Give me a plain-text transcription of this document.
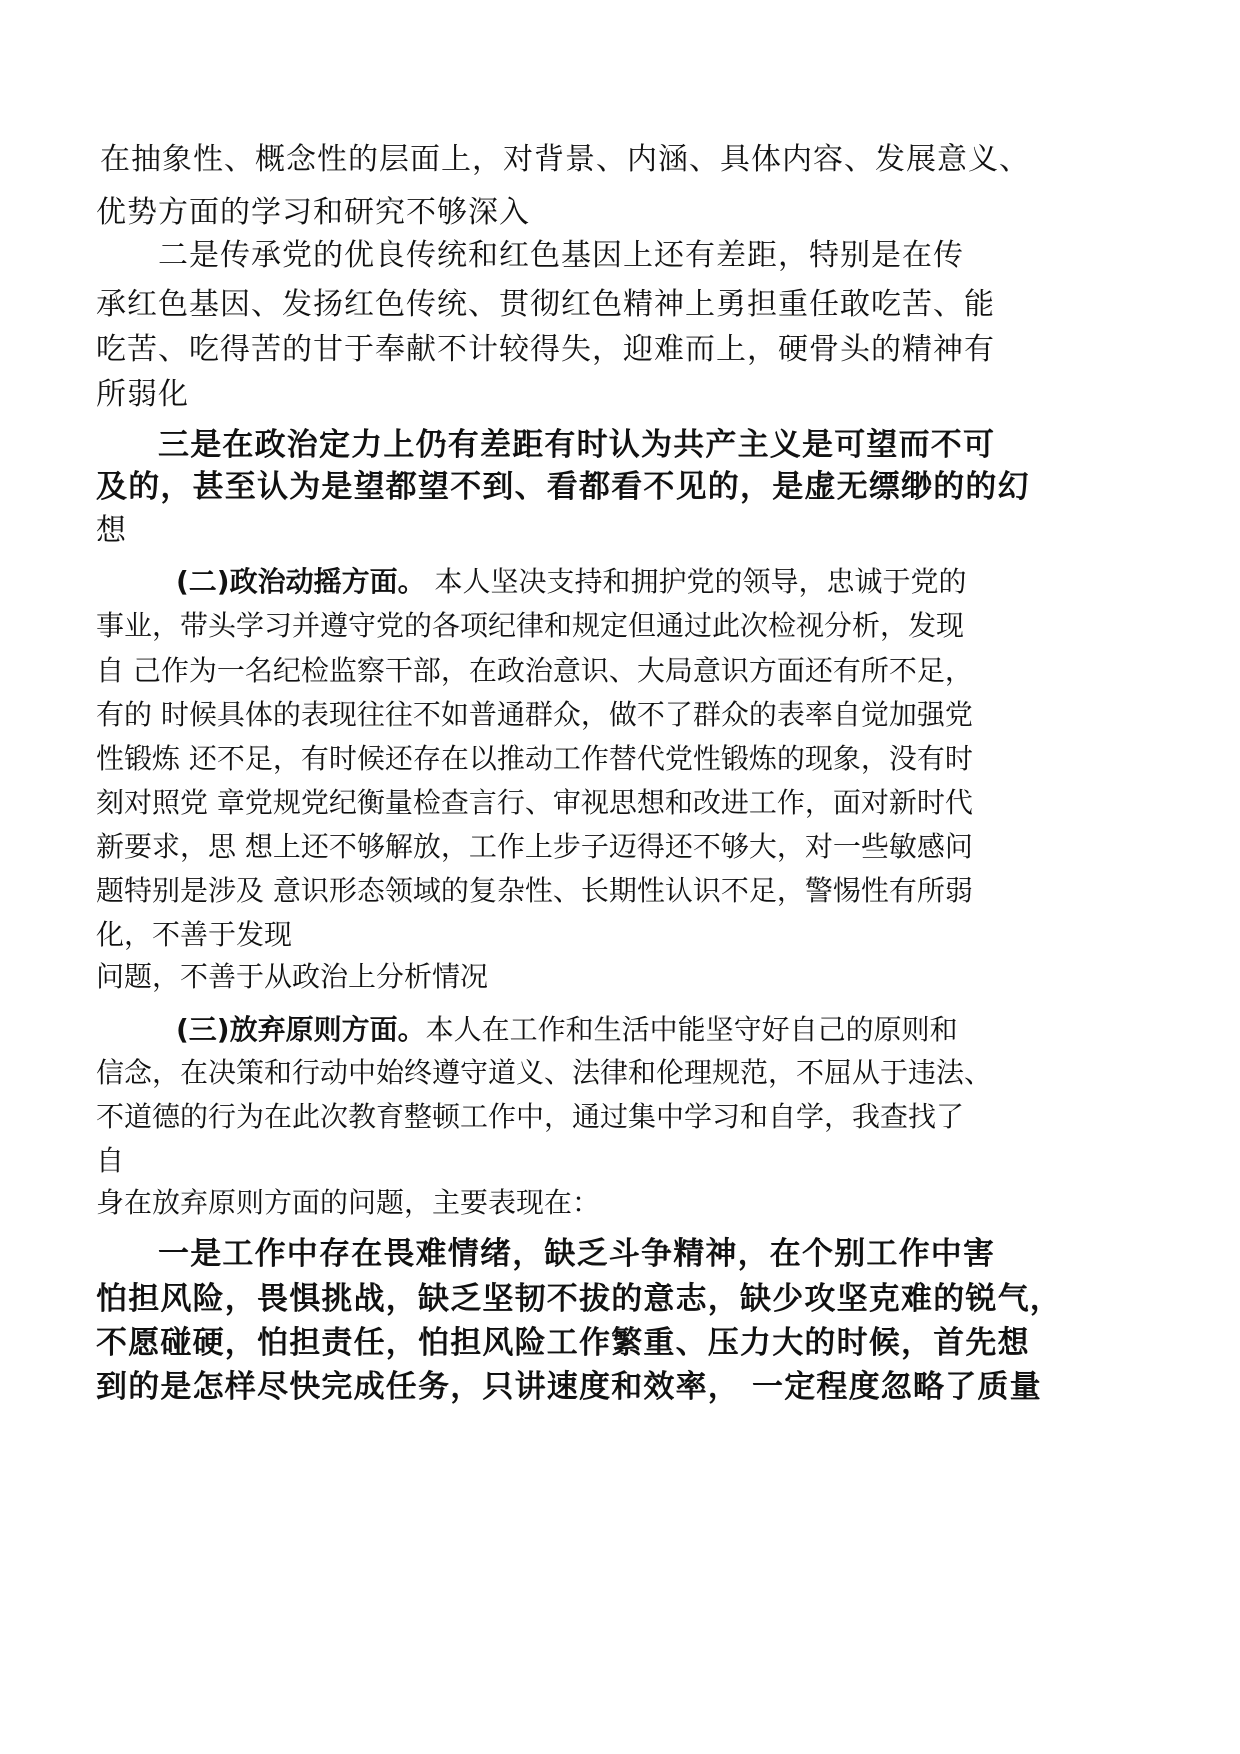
在抽象性、概念性的层面上，对背景、内涵、具体内容、发展意义、

优势方面的学习和研究不够深入

二是传承党的优良传统和红色基因上还有差距，特别是在传

承红色基因、发扬红色传统、贯彻红色精神上勇担重任敢吃苦、能

吃苦、吃得苦的甘于奉献不计较得失，迎难而上，硬骨头的精神有

所弱化

三是在政治定力上仍有差距有时认为共产主义是可望而不可

及的，甚至认为是望都望不到、看都看不见的，是虚无缥缈的的幻

想

(二)政治动摇方面。 本人坚决支持和拥护党的领导，忠诚于党的

事业，带头学习并遵守党的各项纪律和规定但通过此次检视分析，发现

自 己作为一名纪检监察干部，在政治意识、大局意识方面还有所不足，

有的 时候具体的表现往往不如普通群众，做不了群众的表率自觉加强党

性锻炼 还不足，有时候还存在以推动工作替代党性锻炼的现象，没有时

刻对照党 章党规党纪衡量检查言行、审视思想和改进工作，面对新时代

新要求，思 想上还不够解放，工作上步子迈得还不够大，对一些敏感问

题特别是涉及 意识形态领域的复杂性、长期性认识不足，警惕性有所弱

化，不善于发现

问题，不善于从政治上分析情况

(三)放弃原则方面。本人在工作和生活中能坚守好自己的原则和

信念，在决策和行动中始终遵守道义、法律和伦理规范，不屈从于违法、

不道德的行为在此次教育整顿工作中，通过集中学习和自学，我查找了

自

身在放弃原则方面的问题，主要表现在：

一是工作中存在畏难情绪，缺乏斗争精神，在个别工作中害

怕担风险，畏惧挑战，缺乏坚韧不拔的意志，缺少攻坚克难的锐气，

不愿碰硬，怕担责任，怕担风险工作繁重、压力大的时候，首先想

到的是怎样尽快完成任务，只讲速度和效率， 一定程度忽略了质量
